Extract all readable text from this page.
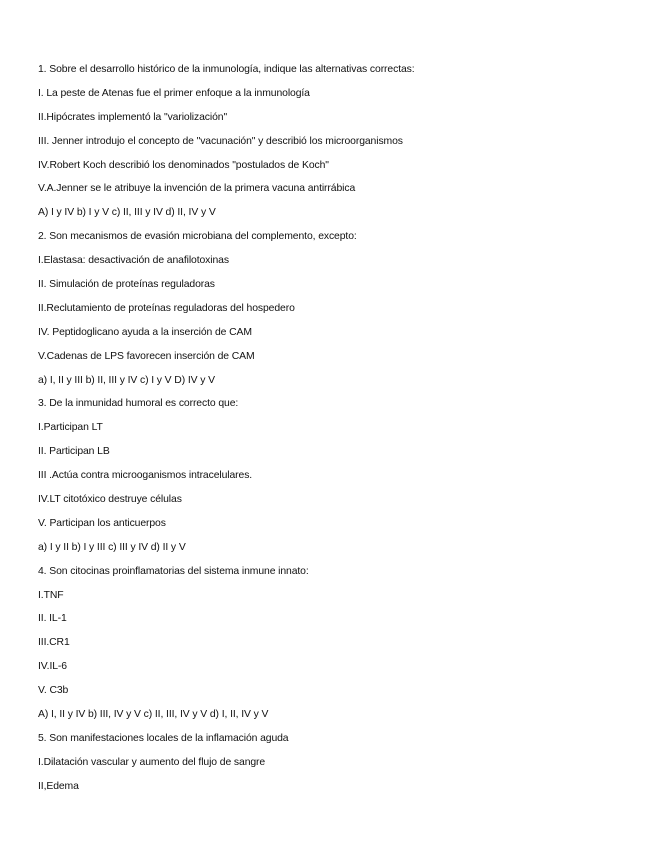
1. Sobre el desarrollo histórico de la inmunología, indique las alternativas correctas:
I. La peste de Atenas fue el primer enfoque a la inmunología
II.Hipócrates implementó la "variolización"
III. Jenner introdujo el concepto de "vacunación" y describió los microorganismos
IV.Robert Koch describió los denominados "postulados de Koch"
V.A.Jenner se le atribuye la invención de la primera vacuna antirrábica
A) I y IV b) I y V c) II, III y IV d) II, IV y V
2. Son mecanismos de evasión microbiana del complemento, excepto:
I.Elastasa: desactivación de anafilotoxinas
II. Simulación de proteínas reguladoras
II.Reclutamiento de proteínas reguladoras del hospedero
IV. Peptidoglicano ayuda a la inserción de CAM
V.Cadenas de LPS favorecen inserción de CAM
a) I, II y III b) II, III y IV c) I y V D) IV y V
3. De la inmunidad humoral es correcto que:
I.Participan LT
II. Participan LB
III .Actúa contra microoganismos intracelulares.
IV.LT citotóxico destruye células
V. Participan los anticuerpos
a) I y II b) I y III c) III y IV d) II y V
4. Son citocinas proinflamatorias del sistema inmune innato:
I.TNF
II. IL-1
III.CR1
IV.IL-6
V. C3b
A) I, II y IV b) III, IV y V c) II, III, IV y V d) I, II, IV y V
5. Son manifestaciones locales de la inflamación aguda
I.Dilatación vascular y aumento del flujo de sangre
II,Edema
